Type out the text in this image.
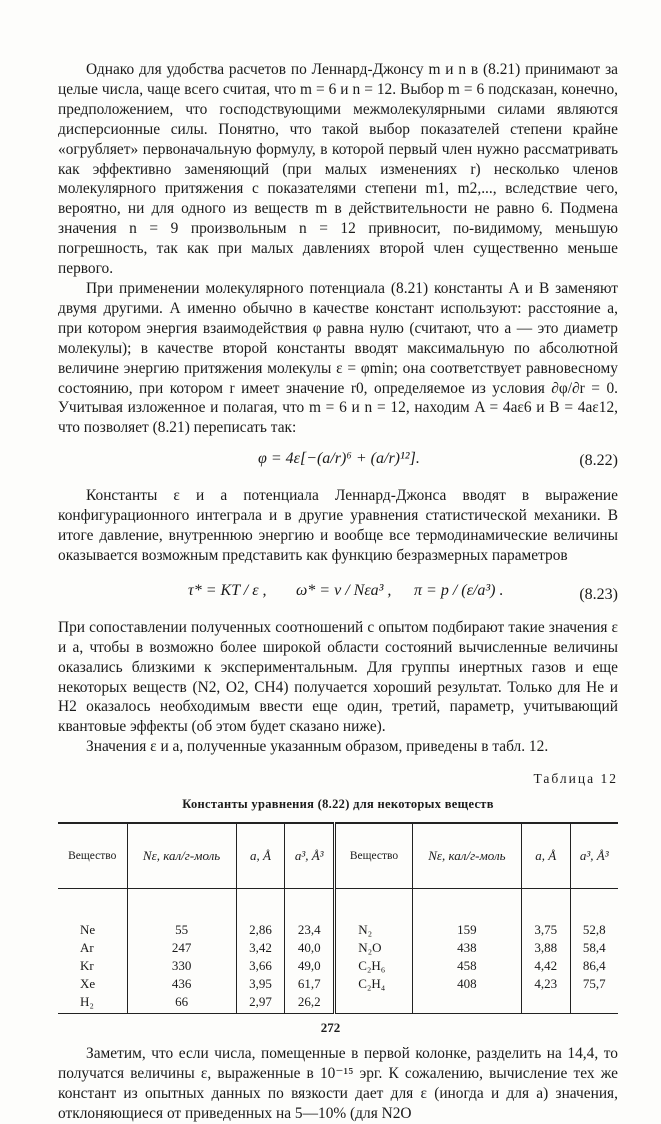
Однако для удобства расчетов по Леннард-Джонсу m и n в (8.21) принимают за целые числа, чаще всего считая, что m = 6 и n = 12. Выбор m = 6 подсказан, конечно, предположением, что господствующими межмолекулярными силами являются дисперсионные силы. Понятно, что такой выбор показателей степени крайне «огрубляет» первоначальную формулу, в которой первый член нужно рассматривать как эффективно заменяющий (при малых изменениях r) несколько членов молекулярного притяжения с показателями степени m1, m2,..., вследствие чего, вероятно, ни для одного из веществ m в действительности не равно 6. Подмена значения n = 9 произвольным n = 12 привносит, по-видимому, меньшую погрешность, так как при малых давлениях второй член существенно меньше первого.

При применении молекулярного потенциала (8.21) константы A и B заменяют двумя другими. А именно обычно в качестве констант используют: расстояние a, при котором энергия взаимодействия φ равна нулю (считают, что a — это диаметр молекулы); в качестве второй константы вводят максимальную по абсолютной величине энергию притяжения молекулы ε = φmin; она соответствует равновесному состоянию, при котором r имеет значение r0, определяемое из условия ∂φ/∂r = 0. Учитывая изложенное и полагая, что m = 6 и n = 12, находим A = 4aε6 и B = 4aε12, что позволяет (8.21) переписать так:

φ = 4ε[−(a/r)⁶ + (a/r)¹²].	(8.22)

Константы ε и a потенциала Леннард-Джонса вводят в выражение конфигурационного интеграла и в другие уравнения статистической механики. В итоге давление, внутреннюю энергию и вообще все термодинамические величины оказывается возможным представить как функцию безразмерных параметров

τ* = KT / ε , ω* = v / Nεa³ , π = p / (ε/a³) .	(8.23)

При сопоставлении полученных соотношений с опытом подбирают такие значения ε и a, чтобы в возможно более широкой области состояний вычисленные величины оказались близкими к экспериментальным. Для группы инертных газов и еще некоторых веществ (N2, O2, CH4) получается хороший результат. Только для He и H2 оказалось необходимым ввести еще один, третий, параметр, учитывающий квантовые эффекты (об этом будет сказано ниже).

Значения ε и a, полученные указанным образом, приведены в табл. 12.

Таблица 12
Константы уравнения (8.22) для некоторых веществ
Вещество	Nε, кал/г-моль	a, Å	a³, Å³	Вещество	Nε, кал/г-моль	a, Å	a³, Å³
Ne	55	2,86	23,4	N₂	159	3,75	52,8
Ar	247	3,42	40,0	N₂O	438	3,88	58,4
Kr	330	3,66	49,0	C₂H₆	458	4,42	86,4
Xe	436	3,95	61,7	C₂H₄	408	4,23	75,7
H₂	66	2,97	26,2				

Заметим, что если числа, помещенные в первой колонке, разделить на 14,4, то получатся величины ε, выраженные в 10⁻¹⁵ эрг. К сожалению, вычисление тех же констант из опытных данных по вязкости дает для ε (иногда и для a) значения, отклоняющиеся от приведенных на 5—10% (для N2O

272
